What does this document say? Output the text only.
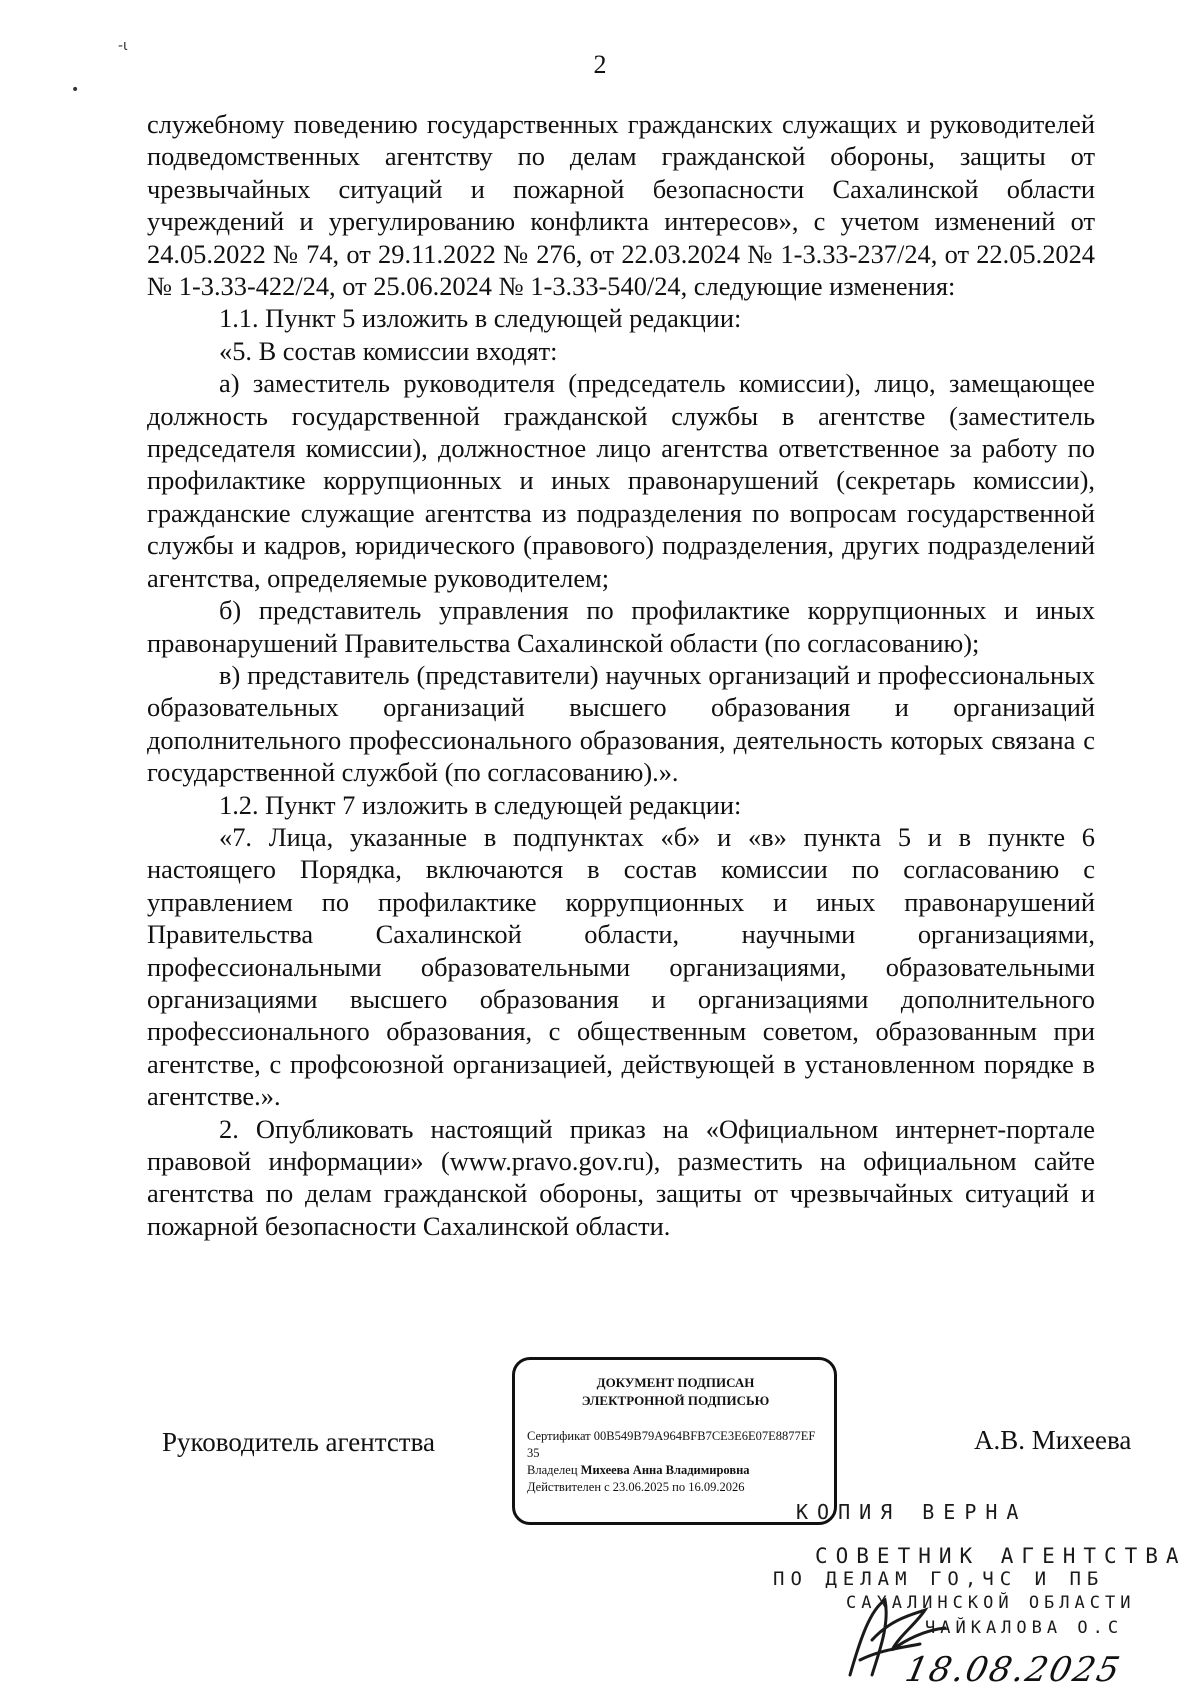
2

служебному поведению государственных гражданских служащих и руководителей подведомственных агентству по делам гражданской обороны, защиты от чрезвычайных ситуаций и пожарной безопасности Сахалинской области учреждений и урегулированию конфликта интересов», с учетом изменений от 24.05.2022 № 74, от 29.11.2022 № 276, от 22.03.2024 № 1-3.33-237/24, от 22.05.2024 № 1-3.33-422/24, от 25.06.2024 № 1-3.33-540/24, следующие изменения:

1.1. Пункт 5 изложить в следующей редакции:

«5. В состав комиссии входят:

а) заместитель руководителя (председатель комиссии), лицо, замещающее должность государственной гражданской службы в агентстве (заместитель председателя комиссии), должностное лицо агентства ответственное за работу по профилактике коррупционных и иных правонарушений (секретарь комиссии), гражданские служащие агентства из подразделения по вопросам государственной службы и кадров, юридического (правового) подразделения, других подразделений агентства, определяемые руководителем;

б) представитель управления по профилактике коррупционных и иных правонарушений Правительства Сахалинской области (по согласованию);

в) представитель (представители) научных организаций и профессиональных образовательных организаций высшего образования и организаций дополнительного профессионального образования, деятельность которых связана с государственной службой (по согласованию).».

1.2. Пункт 7 изложить в следующей редакции:

«7. Лица, указанные в подпунктах «б» и «в» пункта 5 и в пункте 6 настоящего Порядка, включаются в состав комиссии по согласованию с управлением по профилактике коррупционных и иных правонарушений Правительства Сахалинской области, научными организациями, профессиональными образовательными организациями, образовательными организациями высшего образования и организациями дополнительного профессионального образования, с общественным советом, образованным при агентстве, с профсоюзной организацией, действующей в установленном порядке в агентстве.».

2. Опубликовать настоящий приказ на «Официальном интернет-портале правовой информации» (www.pravo.gov.ru), разместить на официальном сайте агентства по делам гражданской обороны, защиты от чрезвычайных ситуаций и пожарной безопасности Сахалинской области.

Руководитель агентства
ДОКУМЕНТ ПОДПИСАН
ЭЛЕКТРОННОЙ ПОДПИСЬЮ
Сертификат 00B549B79A964BFB7CE3E6E07E8877EF 35
Владелец Михеева Анна Владимировна
Действителен с 23.06.2025 по 16.09.2026
А.В. Михеева
КОПИЯ ВЕРНА
СОВЕТНИК АГЕНТСТВА
ПО ДЕЛАМ ГО,ЧС И ПБ
САХАЛИНСКОЙ ОБЛАСТИ
ЧАЙКАЛОВА О.С
18.08.2025
-ι
•
